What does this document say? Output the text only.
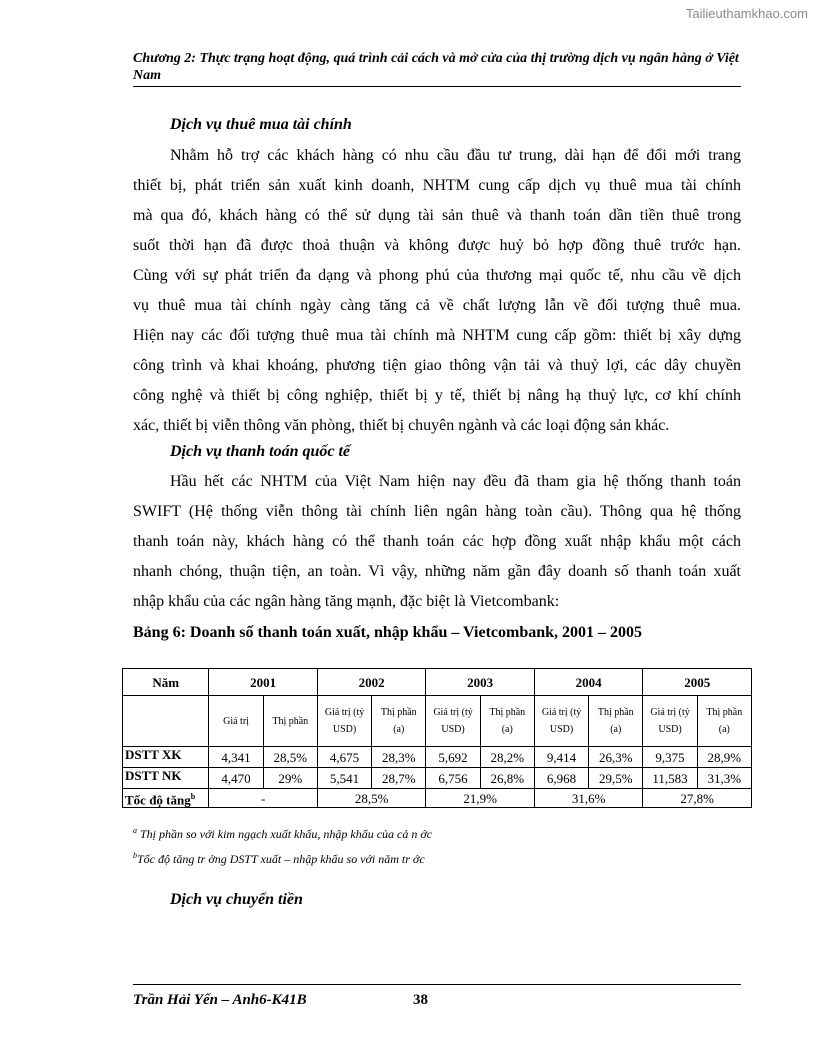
Tailieuthamkhao.com
Chương 2: Thực trạng hoạt động, quá trình cải cách và mở cửa của thị trường dịch vụ ngân hàng ở Việt Nam
Dịch vụ thuê mua tài chính
Nhằm hỗ trợ các khách hàng có nhu cầu đầu tư trung, dài hạn để đổi mới trang
thiết bị, phát triển sản xuất kinh doanh, NHTM cung cấp dịch vụ thuê mua tài chính
mà qua đó, khách hàng có thể sử dụng tài sản thuê và thanh toán dần tiền thuê trong
suốt thời hạn đã được thoả thuận và không được huỷ bỏ hợp đồng thuê trước hạn.
Cùng với sự phát triển đa dạng và phong phú của thương mại quốc tế, nhu cầu về dịch
vụ thuê mua tài chính ngày càng tăng cả về chất lượng lẫn về đối tượng thuê mua.
Hiện nay các đối tượng thuê mua tài chính mà NHTM cung cấp gồm: thiết bị xây dựng
công trình và khai khoáng, phương tiện giao thông vận tải và thuỷ lợi, các dây chuyền
công nghệ và thiết bị công nghiệp, thiết bị y tế, thiết bị nâng hạ thuỷ lực, cơ khí chính
xác, thiết bị viễn thông văn phòng, thiết bị chuyên ngành và các loại động sản khác.
Dịch vụ thanh toán quốc tế
Hầu hết các NHTM của Việt Nam hiện nay đều đã tham gia hệ thống thanh toán
SWIFT (Hệ thống viễn thông tài chính liên ngân hàng toàn cầu). Thông qua hệ thống
thanh toán này, khách hàng có thể thanh toán các hợp đồng xuất nhập khẩu một cách
nhanh chóng, thuận tiện, an toàn. Vì vậy, những năm gần đây doanh số thanh toán xuất
nhập khẩu của các ngân hàng tăng mạnh, đặc biệt là Vietcombank:
Bảng 6: Doanh số thanh toán xuất, nhập khẩu – Vietcombank, 2001 – 2005
Năm	2001		2002		2003		2004		2005	
	Giá trị	Thị phần	Giá trị (tỷ USD)	Thị phần (a)	Giá trị (tỷ USD)	Thị phần (a)	Giá trị (tỷ USD)	Thị phần (a)	Giá trị (tỷ USD)	Thị phần (a)
DSTT XK	4,341	28,5%	4,675	28,3%	5,692	28,2%	9,414	26,3%	9,375	28,9%
DSTT NK	4,470	29%	5,541	28,7%	6,756	26,8%	6,968	29,5%	11,583	31,3%
Tốc độ tăng$^b$	-		28,5%		21,9%		31,6%		27,8%	
$^a$ Thị phần so với kim ngạch xuất khẩu, nhập khẩu của cả n ớc
$^b$Tốc độ tăng tr ởng DSTT xuất – nhập khẩu so với năm tr ớc
Dịch vụ chuyển tiền
Trần Hải Yến – Anh6-K41B	38
